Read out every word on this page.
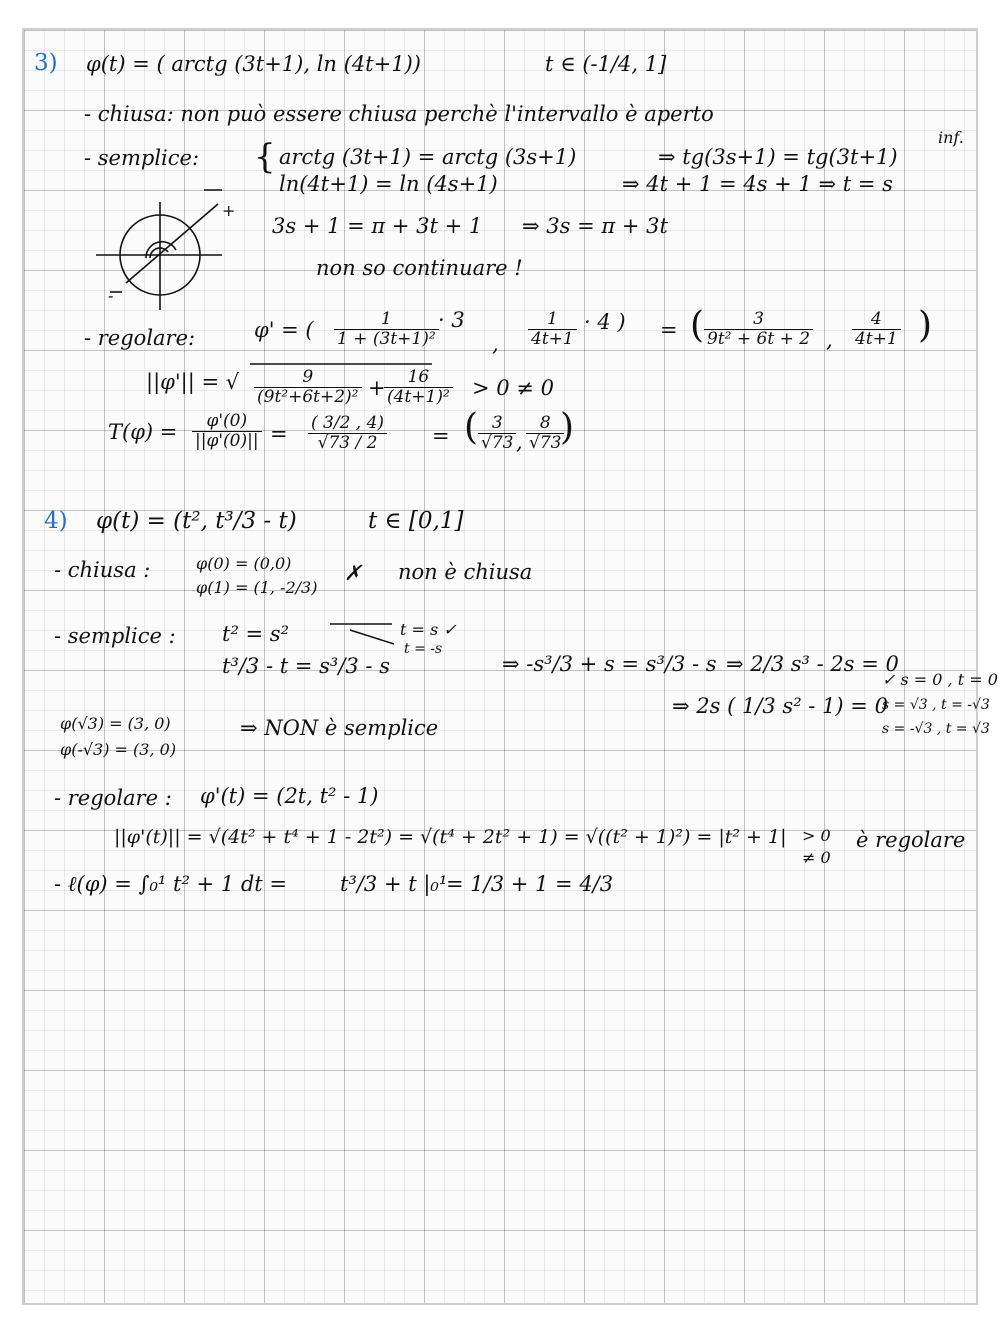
3) φ(t) = ( arctg (3t+1), ln (4t+1))	t ∈ (-1/4, 1]
- chiusa: non può essere chiusa perchè l'intervallo è aperto
inf.
- semplice: { arctg (3t+1) = arctg (3s+1)	⇒ tg(3s+1) = tg(3t+1)
ln(4t+1) = ln (4s+1)	⇒ 4t + 1 = 4s + 1 ⇒ t = s
+
-
3s + 1 = π + 3t + 1 ⇒ 3s = π + 3t
non so continuare !
- regolare:	φ' = ( $\frac{1}{\text{1 + (3t+1)²}} \cdot 3$
, $\frac{1}{4t+1} \cdot 4$ ) = ( $\frac{3}{\text{9t² + 6t + 2}}$ , $\frac{4}{4t+1}$ )
||φ'|| = √ $\frac{9}{\text{(9t²+6t+2)²}}$ +
$\frac{16}{\text{(4t+1)²}} > 0 \ne 0$
$T(\varphi) = \frac{\varphi'(0)}{||\varphi'(0)||} = \frac{( 3/2 , 4)}{√73 / 2}$ = ( $\frac{3}{√73}$ , $\frac{8}{√73}$
)
4) φ(t) = (t², t³/3 - t)	t ∈ [0,1]
- chiusa :	φ(0) = (0,0)
φ(1) = (1, -2/3)
✗ non è chiusa
- semplice : t² = s²	t = s ✓
t = -s
t³/3 - t = s³/3 - s	⇒ -s³/3 + s = s³/3 - s ⇒ 2/3 s³ - 2s = 0
⇒ 2s ( 1/3 s² - 1) = 0
✓ s = 0 , t = 0
s = √3 , t = -√3
s = -√3 , t = √3
φ(√3) = (3, 0)
φ(-√3) = (3, 0)
⇒ NON è semplice
- regolare : φ'(t) = (2t, t² - 1)
||φ'(t)|| = √(4t² + t⁴ + 1 - 2t²) = √(t⁴ + 2t² + 1) = √((t² + 1)²) = |t² + 1| > 0
≠ 0
è regolare
- ℓ(φ) = ∫₀¹ t² + 1 dt =	t³/3 + t |₀¹
= 1/3 + 1 = 4/3
